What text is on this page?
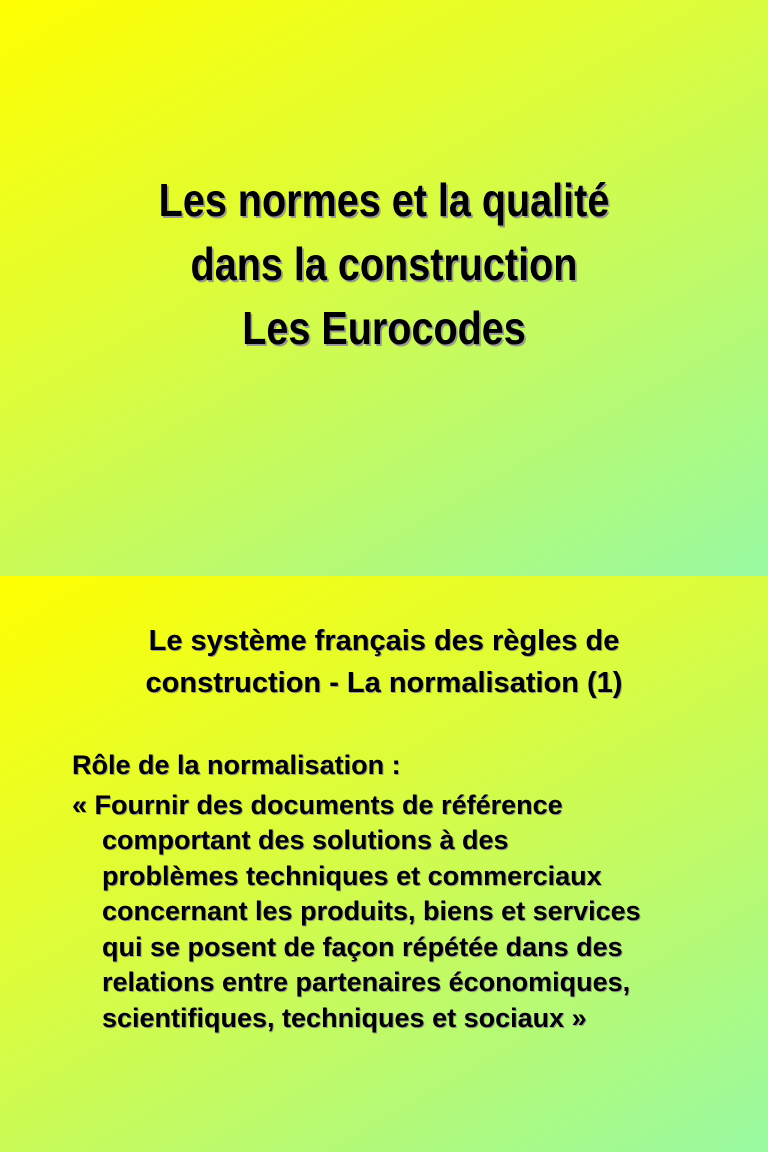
Les normes et la qualité
dans la construction
Les Eurocodes
Le système français des règles de
construction - La normalisation (1)
Rôle de la normalisation :
« Fournir des documents de référence
comportant des solutions à des
problèmes techniques et commerciaux
concernant les produits, biens et services
qui se posent de façon répétée dans des
relations entre partenaires économiques,
scientifiques, techniques et sociaux »
